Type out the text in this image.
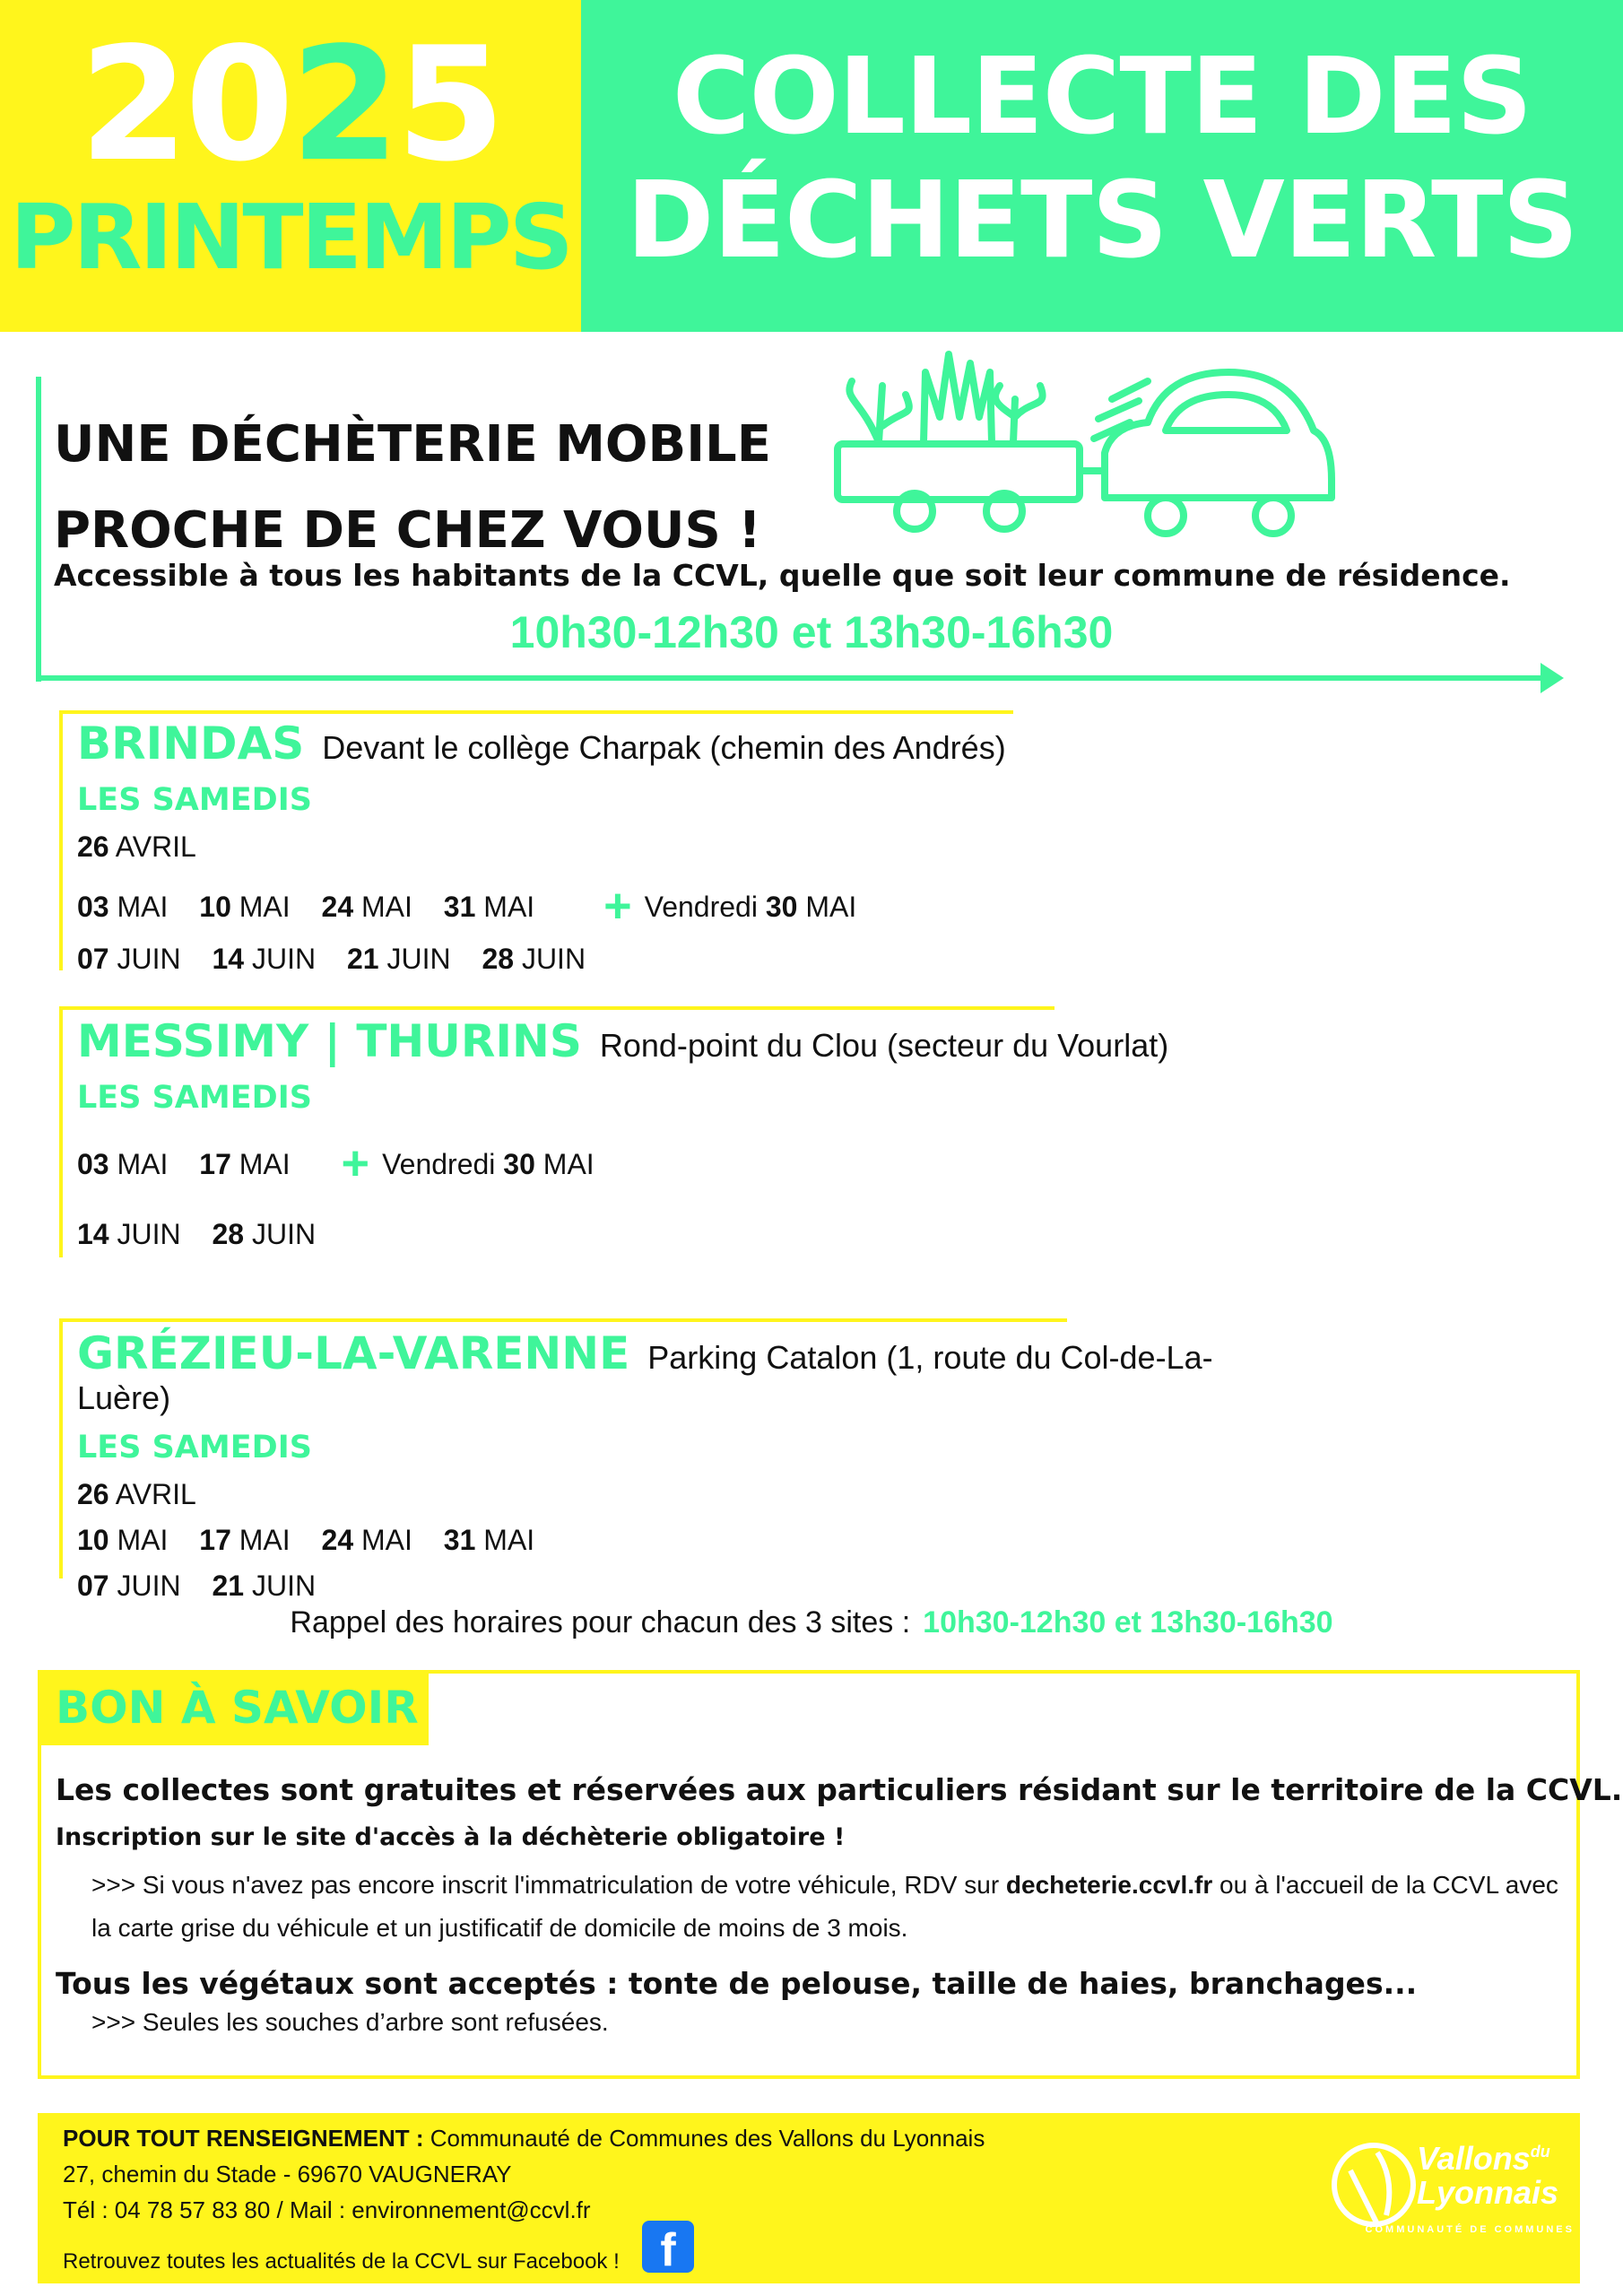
2025
PRINTEMPS
COLLECTE DES
DÉCHETS VERTS
UNE DÉCHÈTERIE MOBILE
PROCHE DE CHEZ VOUS !
Accessible à tous les habitants de la CCVL, quelle que soit leur commune de résidence.
10h30-12h30 et 13h30-16h30
BRINDAS Devant le collège Charpak (chemin des Andrés)
LES SAMEDIS
26 AVRIL
03 MAI 10 MAI 24 MAI 31 MAI + Vendredi 30 MAI
07 JUIN 14 JUIN 21 JUIN 28 JUIN
MESSIMY | THURINS Rond-point du Clou (secteur du Vourlat)
LES SAMEDIS
03 MAI 17 MAI + Vendredi 30 MAI
14 JUIN 28 JUIN
GRÉZIEU-LA-VARENNE Parking Catalon (1, route du Col-de-La-Luère)
LES SAMEDIS
26 AVRIL
10 MAI 17 MAI 24 MAI 31 MAI
07 JUIN 21 JUIN
Rappel des horaires pour chacun des 3 sites : 10h30-12h30 et 13h30-16h30
BON À SAVOIR
Les collectes sont gratuites et réservées aux particuliers résidant sur le territoire de la CCVL.
Inscription sur le site d'accès à la déchèterie obligatoire !
>>> Si vous n'avez pas encore inscrit l'immatriculation de votre véhicule, RDV sur decheterie.ccvl.fr ou à l'accueil de la CCVL avec la carte grise du véhicule et un justificatif de domicile de moins de 3 mois.
Tous les végétaux sont acceptés : tonte de pelouse, taille de haies, branchages...
>>> Seules les souches d’arbre sont refusées.
POUR TOUT RENSEIGNEMENT : Communauté de Communes des Vallons du Lyonnais
27, chemin du Stade - 69670 VAUGNERAY
Tél : 04 78 57 83 80 / Mail : environnement@ccvl.fr
Retrouvez toutes les actualités de la CCVL sur Facebook ! f
Vallons$^{du}$
Lyonnais
COMMUNAUTÉ DE COMMUNES
